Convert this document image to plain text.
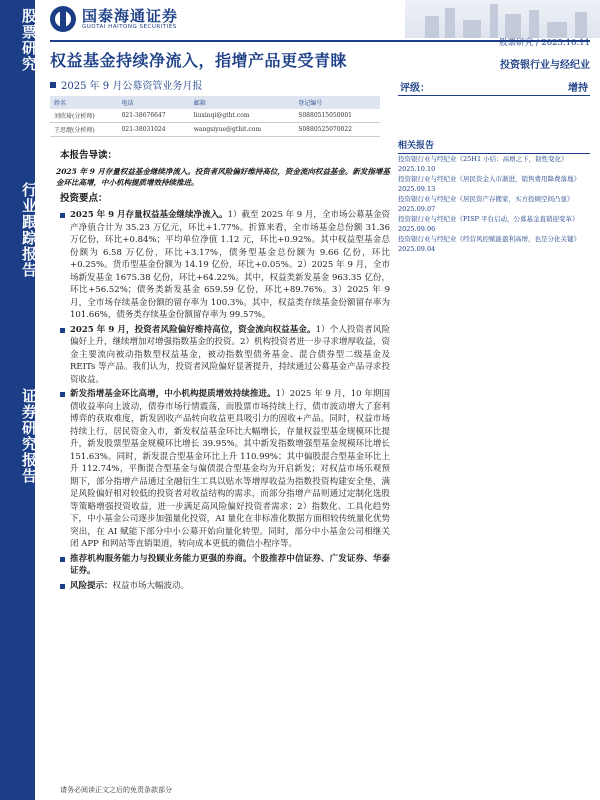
股票研究
行业跟踪报告
证券研究报告
国泰海通证券
GUOTAI HAITONG SECURITIES
股票研究 / 2025.10.11
权益基金持续净流入，指增产品更受青睐	投资银行业与经纪业
2025 年 9 月公募资管业务月报
姓名	电话	邮箱	登记编号
刘欣琦(分析师)	021-38676647	liuxinqi@gtht.com	S0880515050001
王思靓(分析师)	021-38031024	wangsiyue@gthit.com	S0880525070022
评级：	增持
相关报告
投资银行业与经纪业《25H1 小结：高增之下，韧性变化》2025.10.10
投资银行业与经纪业《居民资金入市渐进，销售费用降费落地》2025.09.13
投资银行业与经纪业《居民资产存搬家，买方投顾空间凸显》2025.09.07
投资银行业与经纪业《FISP 平台启动，公募基金直销迎变革》2025.09.06
投资银行业与经纪业《经营风控赋能盈利高增，也是分化关键》2025.09.04
本报告导读：
2025 年 9 月存量权益基金继续净流入。投资者风险偏好维持高位，资金流向权益基金。新发指增基金环比高增，中小机构提质增效持续推进。
投资要点：
2025 年 9 月存量权益基金继续净流入。1）截至 2025 年 9 月，全市场公募基金资产净值合计为 35.23 万亿元，环比+1.77%。折算来看，全市场基金总份额 31.36 万亿份，环比+0.84%；平均单位净值 1.12 元，环比+0.92%。其中权益型基金总份额为 6.58 万亿份，环比+3.17%，债务型基金总份额为 9.66 亿份，环比+0.25%。货币型基金份额为 14.19 亿份，环比+0.05%。2）2025 年 9 月，全市场新发基金 1675.38 亿份，环比+64.22%。其中，权益类新发基金 963.35 亿份，环比+56.52%；债务类新发基金 659.59 亿份，环比+89.76%。3）2025 年 9 月，全市场存续基金份额的留存率为 100.3%。其中，权益类存续基金份额留存率为 101.66%，债务类存续基金份额留存率为 99.57%。
2025 年 9 月，投资者风险偏好维持高位，资金流向权益基金。1）个人投资者风险偏好上升，继续增加对增强指数基金的投资。2）机构投资者进一步寻求增厚收益，资金主要流向被动指数型权益基金，被动指数型债务基金、混合债券型二级基金及 REITs 等产品。我们认为，投资者风险偏好显著提升，持续通过公募基金产品寻求投资收益。
新发指增基金环比高增，中小机构提质增效持续推进。1）2025 年 9 月，10 年期国债收益率向上波动，债券市场行情震荡，而股票市场持续上行，债市波动增大了套利博弈的获取难度，新发固收产品转向收益更具吸引力的固收+产品。同时，权益市场持续上行，居民资金入市，新发权益基金环比大幅增长，存量权益型基金规模环比提升，新发股票型基金规模环比增长 39.95%。其中新发指数增强型基金规模环比增长 151.63%。同时，新发混合型基金环比上升 110.99%；其中偏股混合型基金环比上升 112.74%，平衡混合型基金与偏债混合型基金均为开启新发；对权益市场乐观预期下，部分指增产品通过全融衍生工具以贴水等增厚收益为指数投资构建安全垫，满足风险偏好相对较低的投资者对收益结构的需求，而部分指增产品则通过定制化选股等策略增强投资收益，进一步满足高风险偏好投资者需求；2）指数化、工具化趋势下，中小基金公司逐步加强量化投资，AI 量化在非标准化数据方面相较传统量化优势突出，在 AI 赋能下部分中小公募开始向量化转型。同时，部分中小基金公司相继关闭 APP 和网站等直销渠道，转向成本更低的微信小程序等。
推荐机构服务能力与投顾业务能力更强的券商。个股推荐中信证券、广发证券、华泰证券。
风险提示：权益市场大幅波动。
请务必阅读正文之后的免责条款部分
